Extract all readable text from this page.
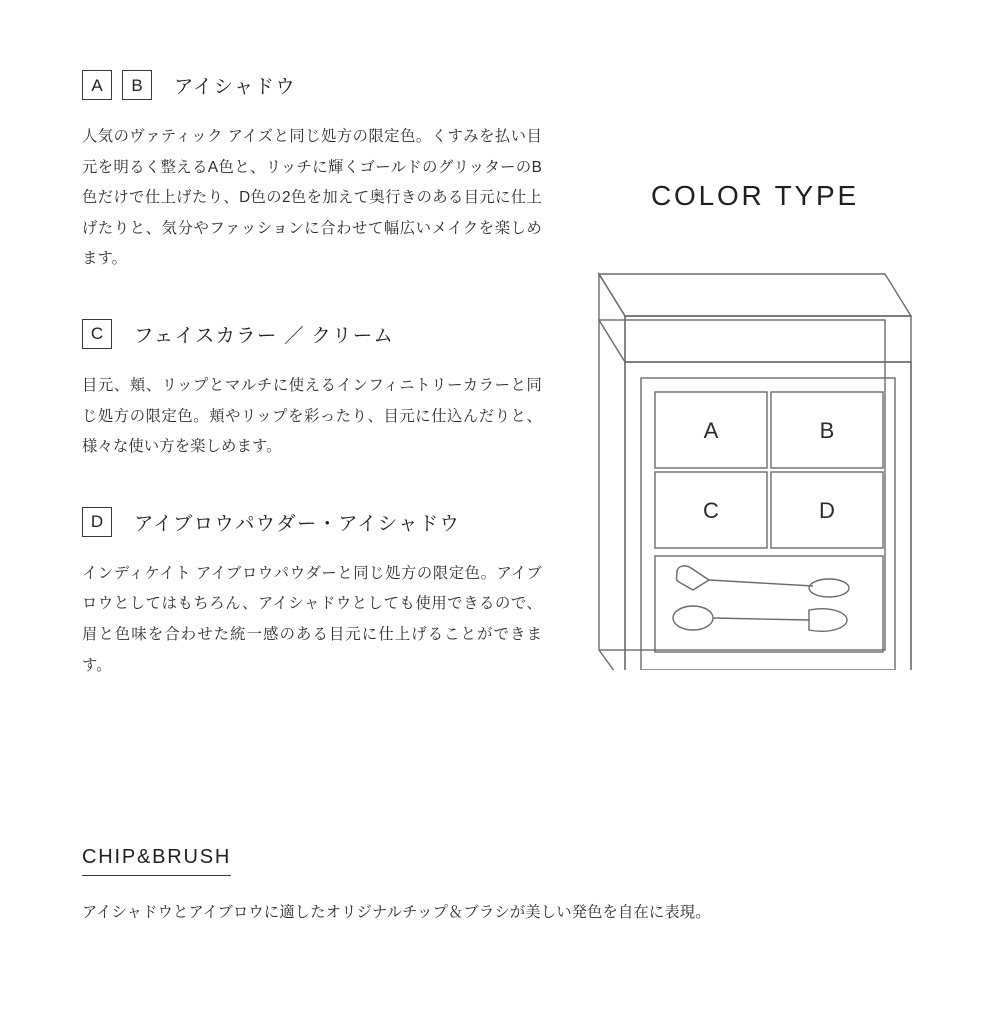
A	B	アイシャドウ

人気のヴァティック アイズと同じ処方の限定色。くすみを払い目元を明るく整えるA色と、リッチに輝くゴールドのグリッターのB色だけで仕上げたり、D色の2色を加えて奥行きのある目元に仕上げたりと、気分やファッションに合わせて幅広いメイクを楽しめます。

C	フェイスカラー ／ クリーム

目元、頬、リップとマルチに使えるインフィニトリーカラーと同じ処方の限定色。頬やリップを彩ったり、目元に仕込んだりと、様々な使い方を楽しめます。

D	アイブロウパウダー・アイシャドウ

インディケイト アイブロウパウダーと同じ処方の限定色。アイブロウとしてはもちろん、アイシャドウとしても使用できるので、眉と色味を合わせた統一感のある目元に仕上げることができます。

CHIP&BRUSH
アイシャドウとアイブロウに適したオリジナルチップ＆ブラシが美しい発色を自在に表現。
COLOR TYPE
A	B
C	D
